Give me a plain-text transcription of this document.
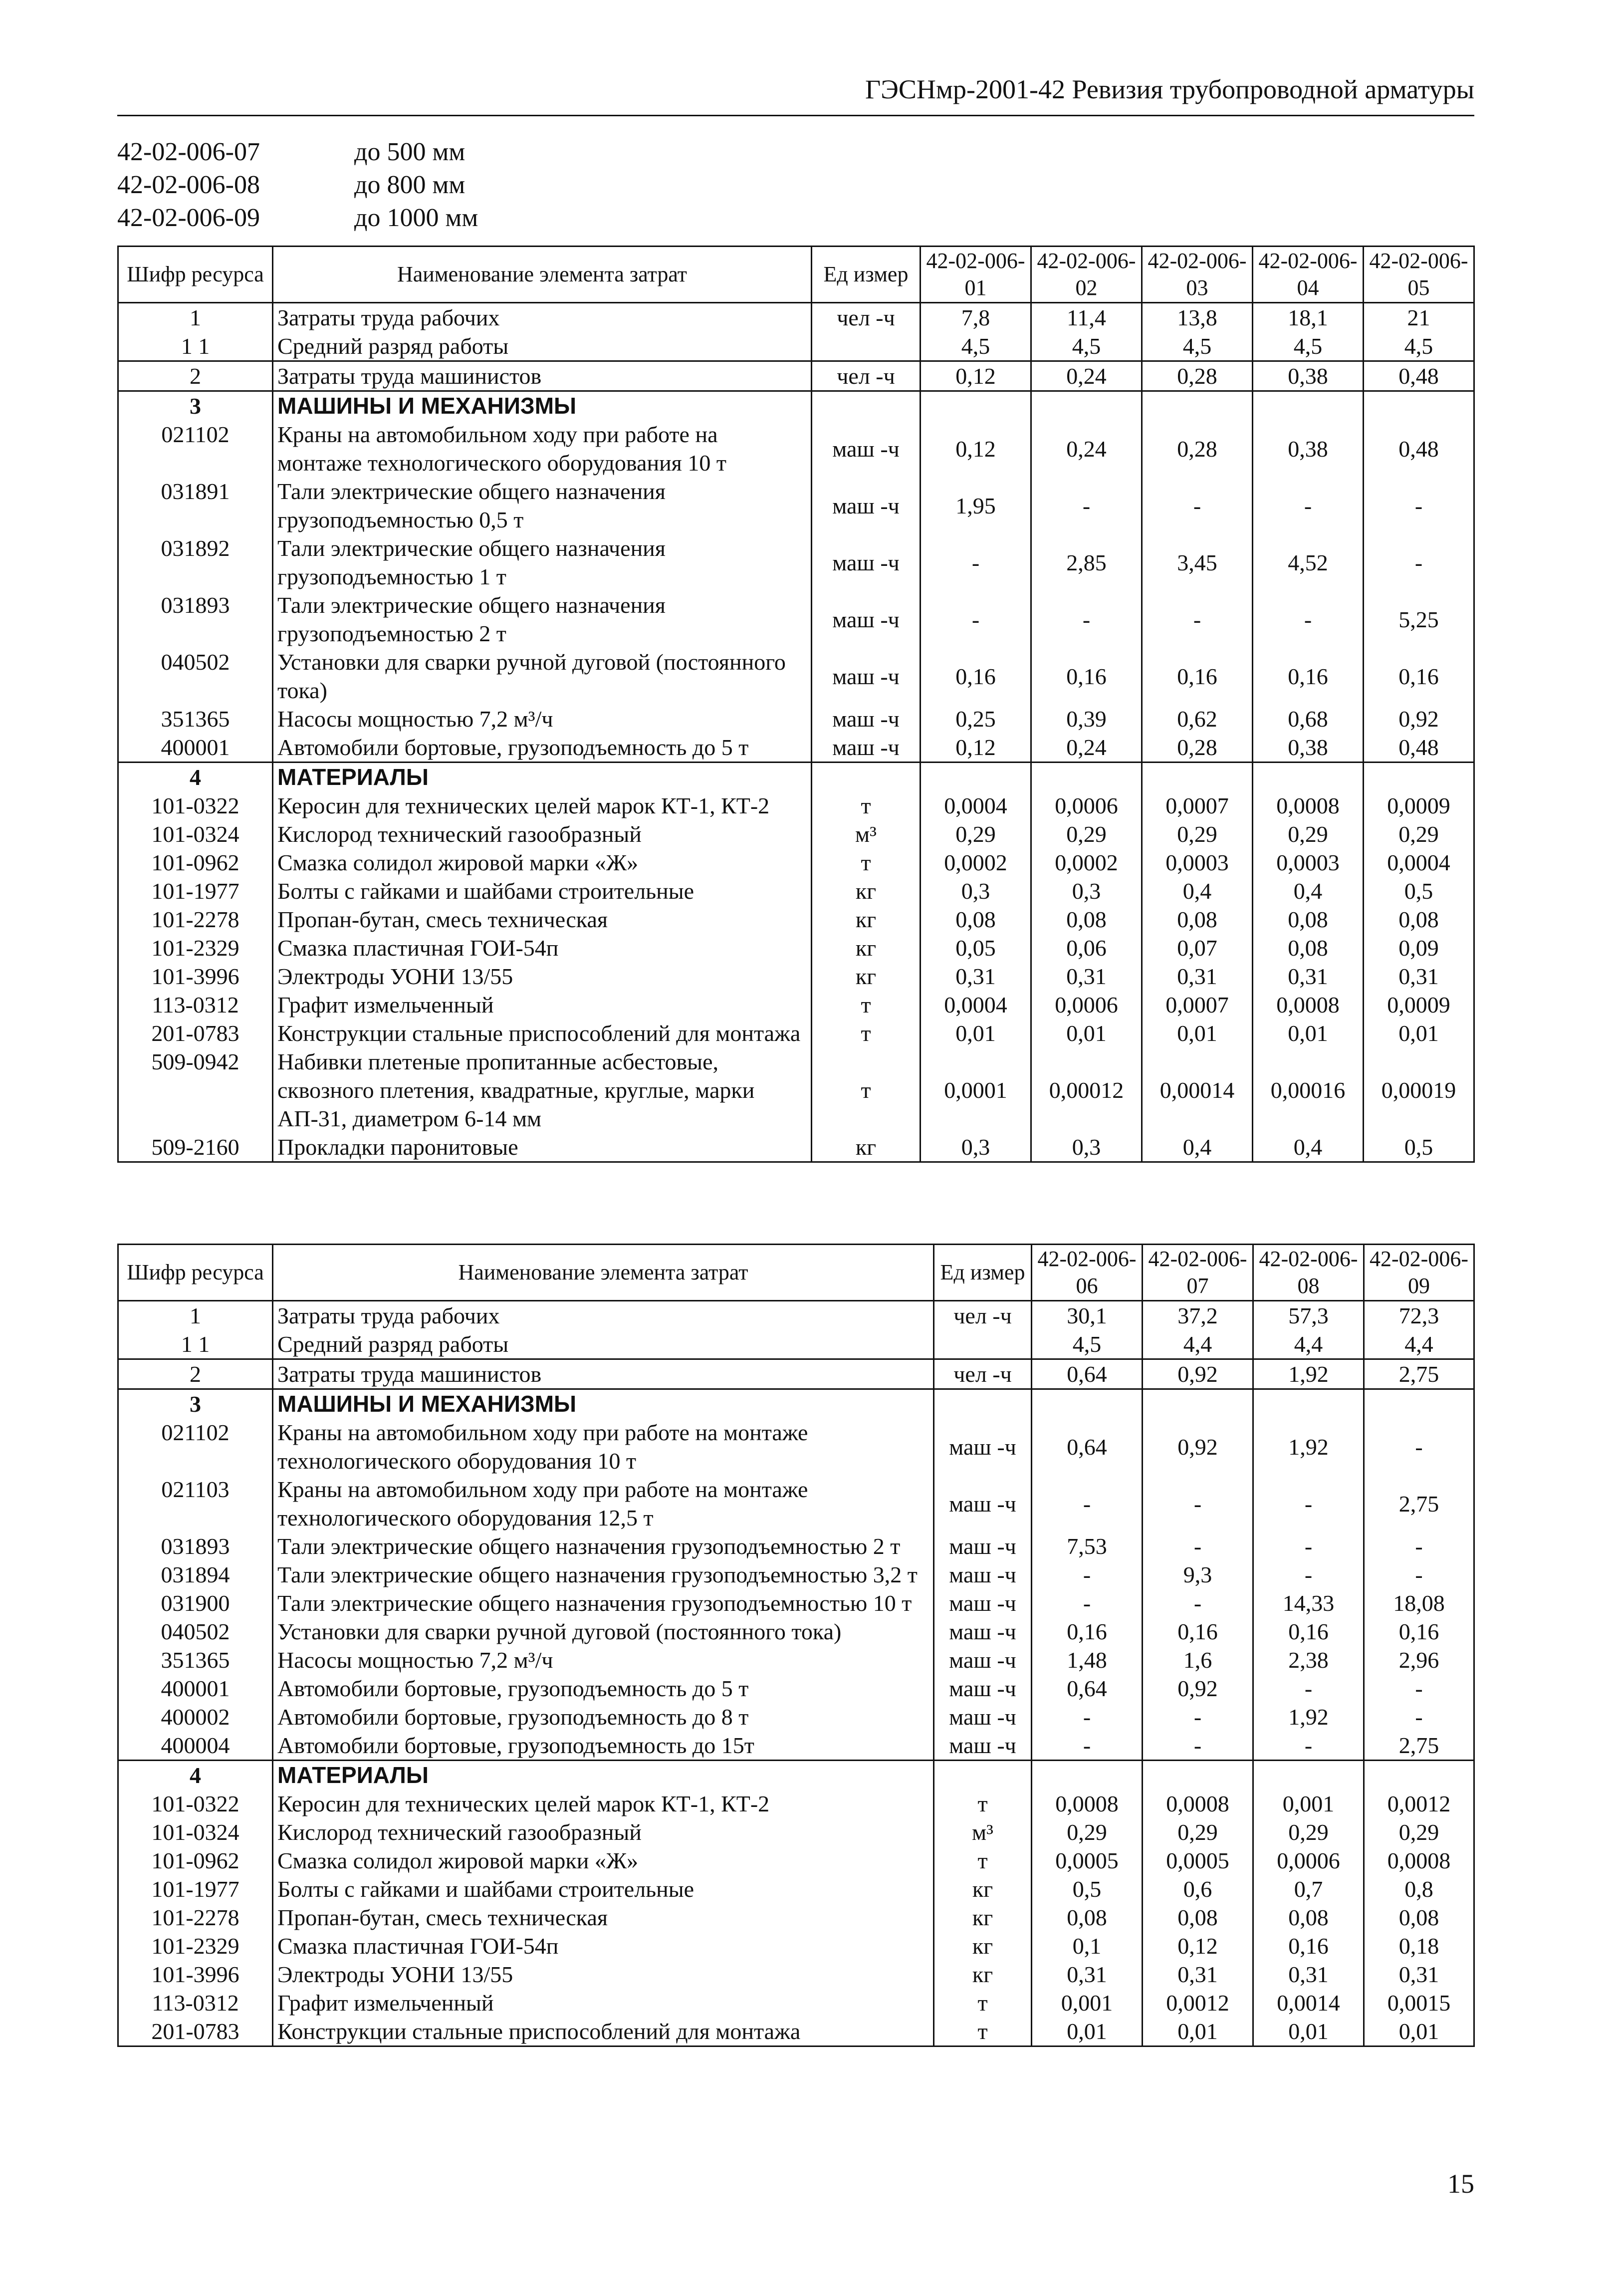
ГЭСНмр-2001-42 Ревизия трубопроводной арматуры
42-02-006-07	до 500 мм
42-02-006-08	до 800 мм
42-02-006-09	до 1000 мм
Шифр ресурса	Наименование элемента затрат	Ед измер	42-02-006-01	42-02-006-02	42-02-006-03	42-02-006-04	42-02-006-05
1	Затраты труда рабочих	чел -ч	7,8	11,4	13,8	18,1	21
1 1	Средний разряд работы		4,5	4,5	4,5	4,5	4,5
2	Затраты труда машинистов	чел -ч	0,12	0,24	0,28	0,38	0,48
3	МАШИНЫ И МЕХАНИЗМЫ						
021102	Краны на автомобильном ходу при работе на монтаже технологического оборудования 10 т	маш -ч	0,12	0,24	0,28	0,38	0,48
031891	Тали электрические общего назначения грузоподъемностью 0,5 т	маш -ч	1,95	-	-	-	-
031892	Тали электрические общего назначения грузоподъемностью 1 т	маш -ч	-	2,85	3,45	4,52	-
031893	Тали электрические общего назначения грузоподъемностью 2 т	маш -ч	-	-	-	-	5,25
040502	Установки для сварки ручной дуговой (постоянного тока)	маш -ч	0,16	0,16	0,16	0,16	0,16
351365	Насосы мощностью 7,2 м³/ч	маш -ч	0,25	0,39	0,62	0,68	0,92
400001	Автомобили бортовые, грузоподъемность до 5 т	маш -ч	0,12	0,24	0,28	0,38	0,48
4	МАТЕРИАЛЫ						
101-0322	Керосин для технических целей марок КТ-1, КТ-2	т	0,0004	0,0006	0,0007	0,0008	0,0009
101-0324	Кислород технический газообразный	м³	0,29	0,29	0,29	0,29	0,29
101-0962	Смазка солидол жировой марки «Ж»	т	0,0002	0,0002	0,0003	0,0003	0,0004
101-1977	Болты с гайками и шайбами строительные	кг	0,3	0,3	0,4	0,4	0,5
101-2278	Пропан-бутан, смесь техническая	кг	0,08	0,08	0,08	0,08	0,08
101-2329	Смазка пластичная ГОИ-54п	кг	0,05	0,06	0,07	0,08	0,09
101-3996	Электроды УОНИ 13/55	кг	0,31	0,31	0,31	0,31	0,31
113-0312	Графит измельченный	т	0,0004	0,0006	0,0007	0,0008	0,0009
201-0783	Конструкции стальные приспособлений для монтажа	т	0,01	0,01	0,01	0,01	0,01
509-0942	Набивки плетеные пропитанные асбестовые, сквозного плетения, квадратные, круглые, марки АП-31, диаметром 6-14 мм	т	0,0001	0,00012	0,00014	0,00016	0,00019
509-2160	Прокладки паронитовые	кг	0,3	0,3	0,4	0,4	0,5
Шифр ресурса	Наименование элемента затрат	Ед измер	42-02-006-06	42-02-006-07	42-02-006-08	42-02-006-09
1	Затраты труда рабочих	чел -ч	30,1	37,2	57,3	72,3
1 1	Средний разряд работы		4,5	4,4	4,4	4,4
2	Затраты труда машинистов	чел -ч	0,64	0,92	1,92	2,75
3	МАШИНЫ И МЕХАНИЗМЫ					
021102	Краны на автомобильном ходу при работе на монтаже технологического оборудования 10 т	маш -ч	0,64	0,92	1,92	-
021103	Краны на автомобильном ходу при работе на монтаже технологического оборудования 12,5 т	маш -ч	-	-	-	2,75
031893	Тали электрические общего назначения грузоподъемностью 2 т	маш -ч	7,53	-	-	-
031894	Тали электрические общего назначения грузоподъемностью 3,2 т	маш -ч	-	9,3	-	-
031900	Тали электрические общего назначения грузоподъемностью 10 т	маш -ч	-	-	14,33	18,08
040502	Установки для сварки ручной дуговой (постоянного тока)	маш -ч	0,16	0,16	0,16	0,16
351365	Насосы мощностью 7,2 м³/ч	маш -ч	1,48	1,6	2,38	2,96
400001	Автомобили бортовые, грузоподъемность до 5 т	маш -ч	0,64	0,92	-	-
400002	Автомобили бортовые, грузоподъемность до 8 т	маш -ч	-	-	1,92	-
400004	Автомобили бортовые, грузоподъемность до 15т	маш -ч	-	-	-	2,75
4	МАТЕРИАЛЫ					
101-0322	Керосин для технических целей марок КТ-1, КТ-2	т	0,0008	0,0008	0,001	0,0012
101-0324	Кислород технический газообразный	м³	0,29	0,29	0,29	0,29
101-0962	Смазка солидол жировой марки «Ж»	т	0,0005	0,0005	0,0006	0,0008
101-1977	Болты с гайками и шайбами строительные	кг	0,5	0,6	0,7	0,8
101-2278	Пропан-бутан, смесь техническая	кг	0,08	0,08	0,08	0,08
101-2329	Смазка пластичная ГОИ-54п	кг	0,1	0,12	0,16	0,18
101-3996	Электроды УОНИ 13/55	кг	0,31	0,31	0,31	0,31
113-0312	Графит измельченный	т	0,001	0,0012	0,0014	0,0015
201-0783	Конструкции стальные приспособлений для монтажа	т	0,01	0,01	0,01	0,01
15
